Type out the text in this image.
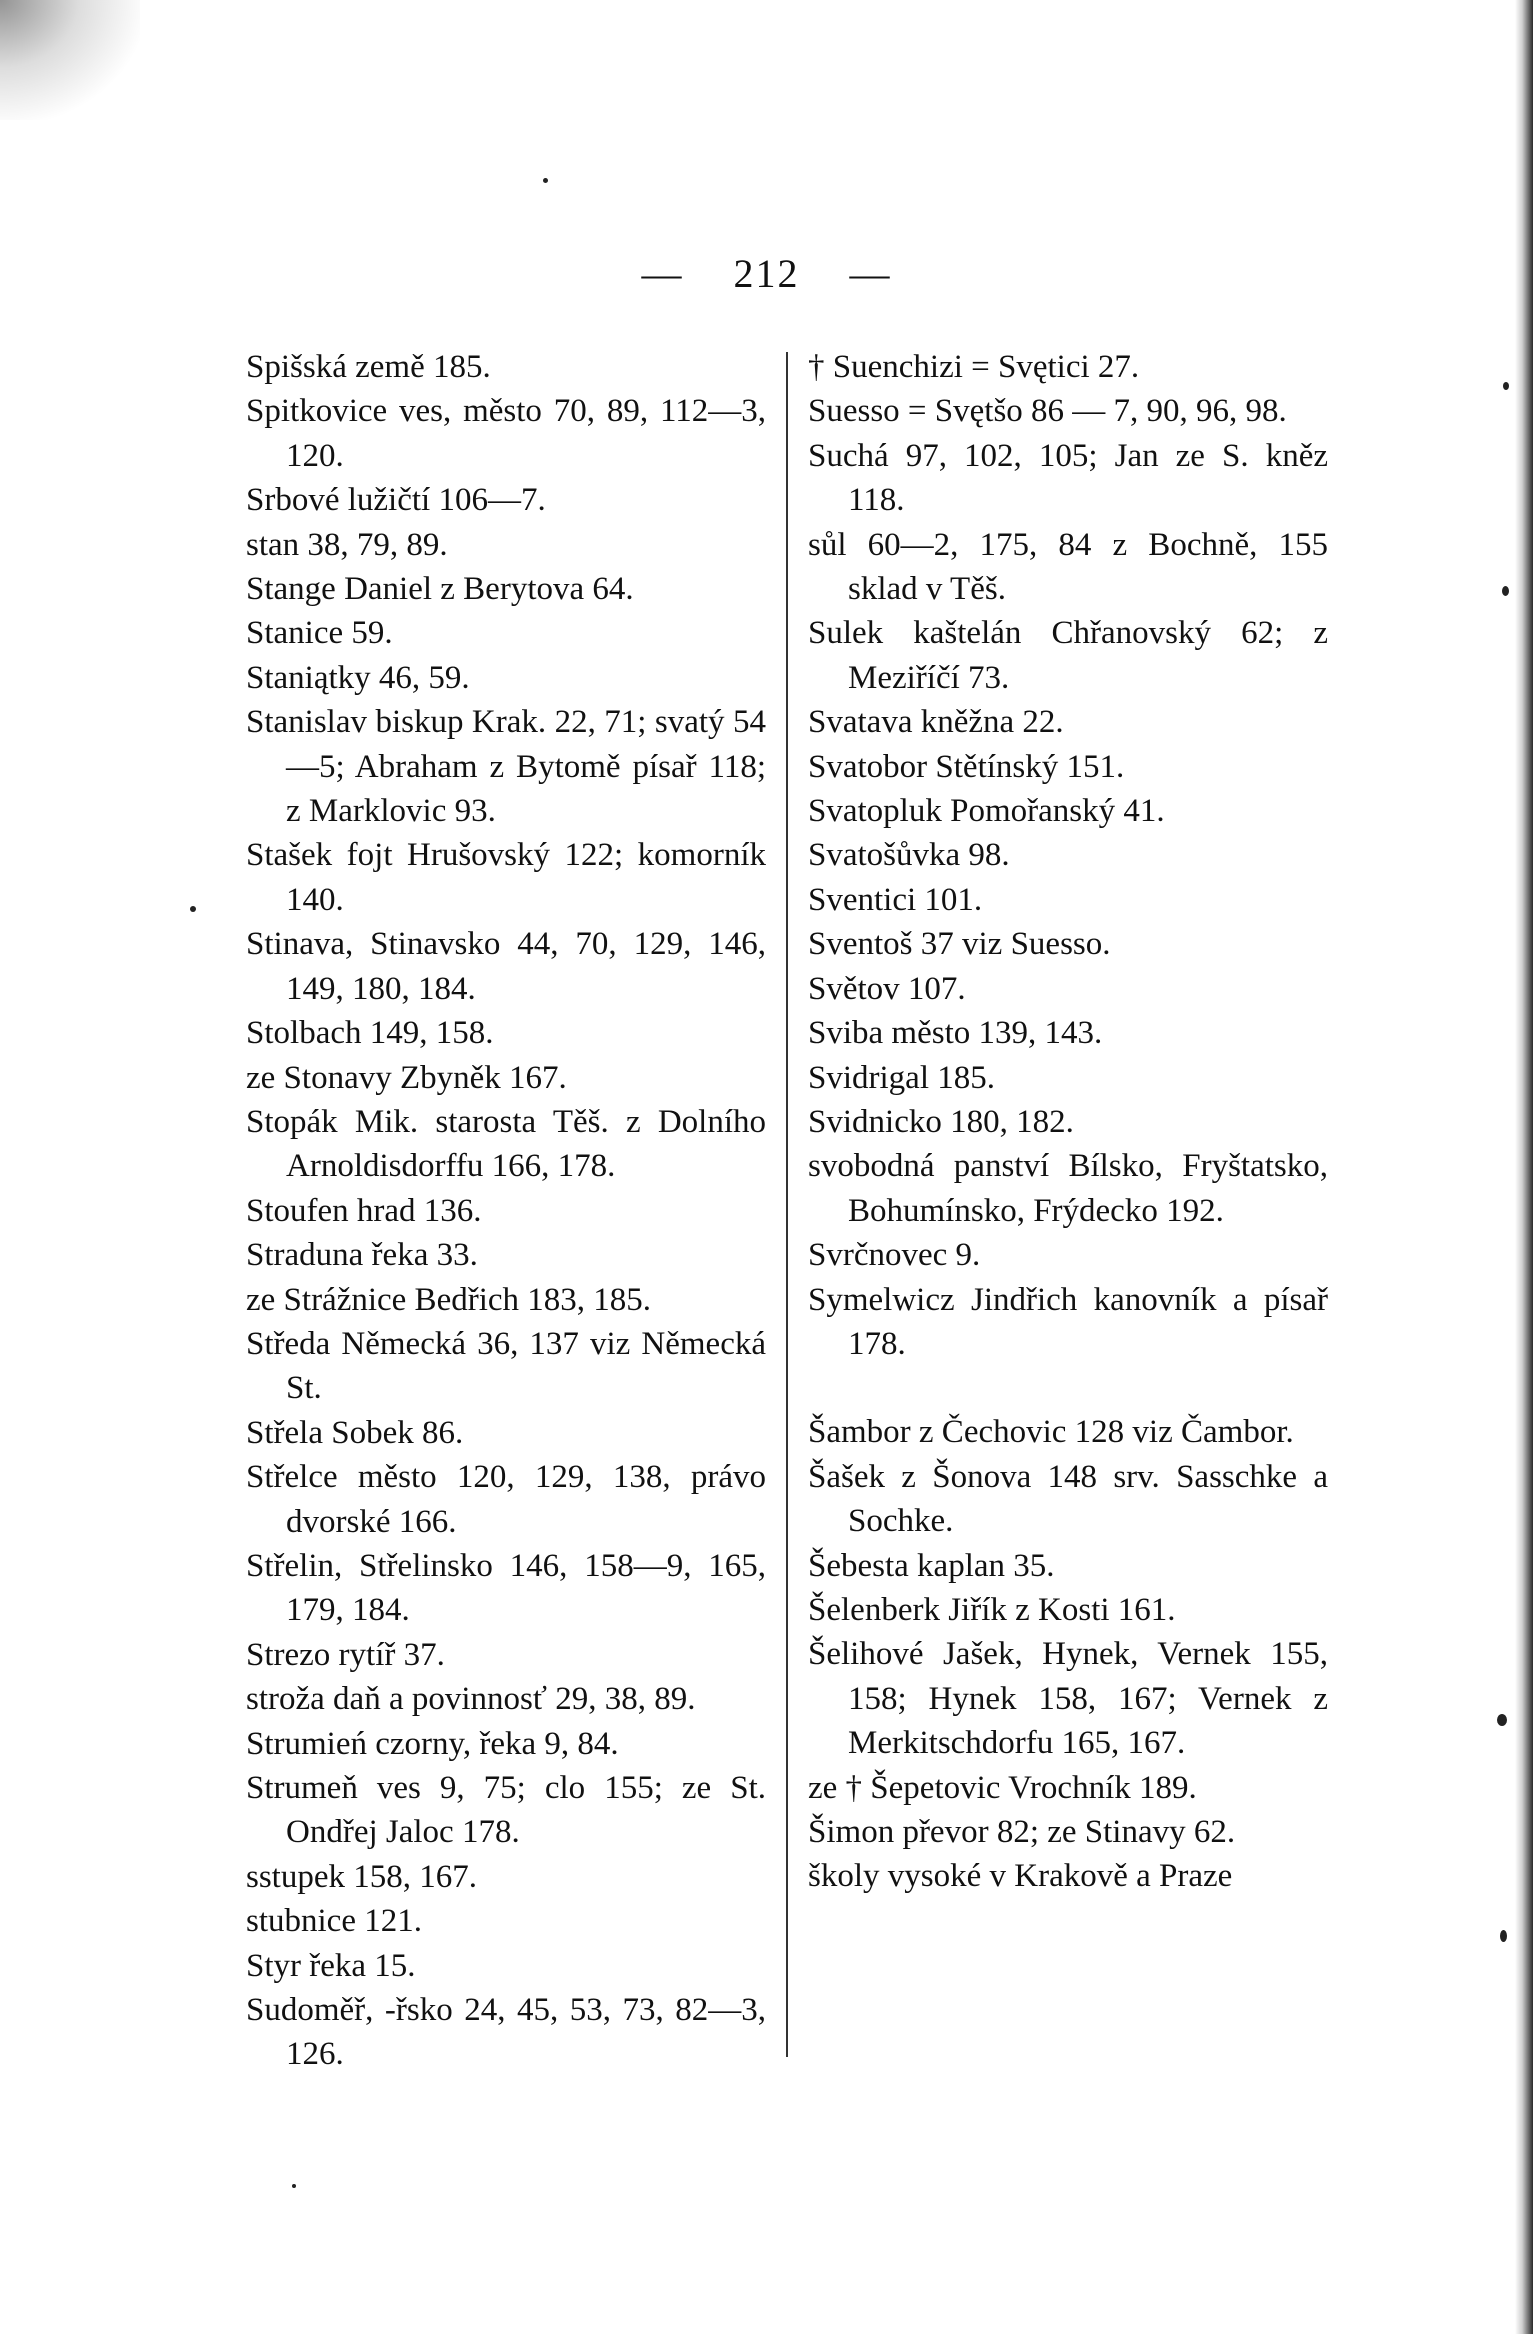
— 212 —
Spišská země 185.
Spitkovice ves, město 70, 89, 112—3, 120.
Srbové lužičtí 106—7.
stan 38, 79, 89.
Stange Daniel z Berytova 64.
Stanice 59.
Staniątky 46, 59.
Stanislav biskup Krak. 22, 71; svatý 54—5; Abraham z Bytomě písař 118; z Marklovic 93.
Stašek fojt Hrušovský 122; komorník 140.
Stinava, Stinavsko 44, 70, 129, 146, 149, 180, 184.
Stolbach 149, 158.
ze Stonavy Zbyněk 167.
Stopák Mik. starosta Těš. z Dolního Arnoldisdorffu 166, 178.
Stoufen hrad 136.
Straduna řeka 33.
ze Strážnice Bedřich 183, 185.
Středa Německá 36, 137 viz Německá St.
Střela Sobek 86.
Střelce město 120, 129, 138, právo dvorské 166.
Střelin, Střelinsko 146, 158—9, 165, 179, 184.
Strezo rytíř 37.
stroža daň a povinnosť 29, 38, 89.
Strumień czorny, řeka 9, 84.
Strumeň ves 9, 75; clo 155; ze St. Ondřej Jaloc 178.
sstupek 158, 167.
stubnice 121.
Styr řeka 15.
Sudoměř, -řsko 24, 45, 53, 73, 82—3, 126.
† Suenchizi = Svętici 27.
Suesso = Svętšo 86 — 7, 90, 96, 98.
Suchá 97, 102, 105; Jan ze S. kněz 118.
sůl 60—2, 175, 84 z Bochně, 155 sklad v Těš.
Sulek kaštelán Chřanovský 62; z Meziříčí 73.
Svatava kněžna 22.
Svatobor Stětínský 151.
Svatopluk Pomořanský 41.
Svatošůvka 98.
Sventici 101.
Sventoš 37 viz Suesso.
Světov 107.
Sviba město 139, 143.
Svidrigal 185.
Svidnicko 180, 182.
svobodná panství Bílsko, Fryštatsko, Bohumínsko, Frýdecko 192.
Svrčnovec 9.
Symelwicz Jindřich kanovník a písař 178.
Šambor z Čechovic 128 viz Čambor.
Šašek z Šonova 148 srv. Sasschke a Sochke.
Šebesta kaplan 35.
Šelenberk Jiřík z Kosti 161.
Šelihové Jašek, Hynek, Vernek 155, 158; Hynek 158, 167; Vernek z Merkitschdorfu 165, 167.
ze † Šepetovic Vrochník 189.
Šimon převor 82; ze Stinavy 62.
školy vysoké v Krakově a Praze
